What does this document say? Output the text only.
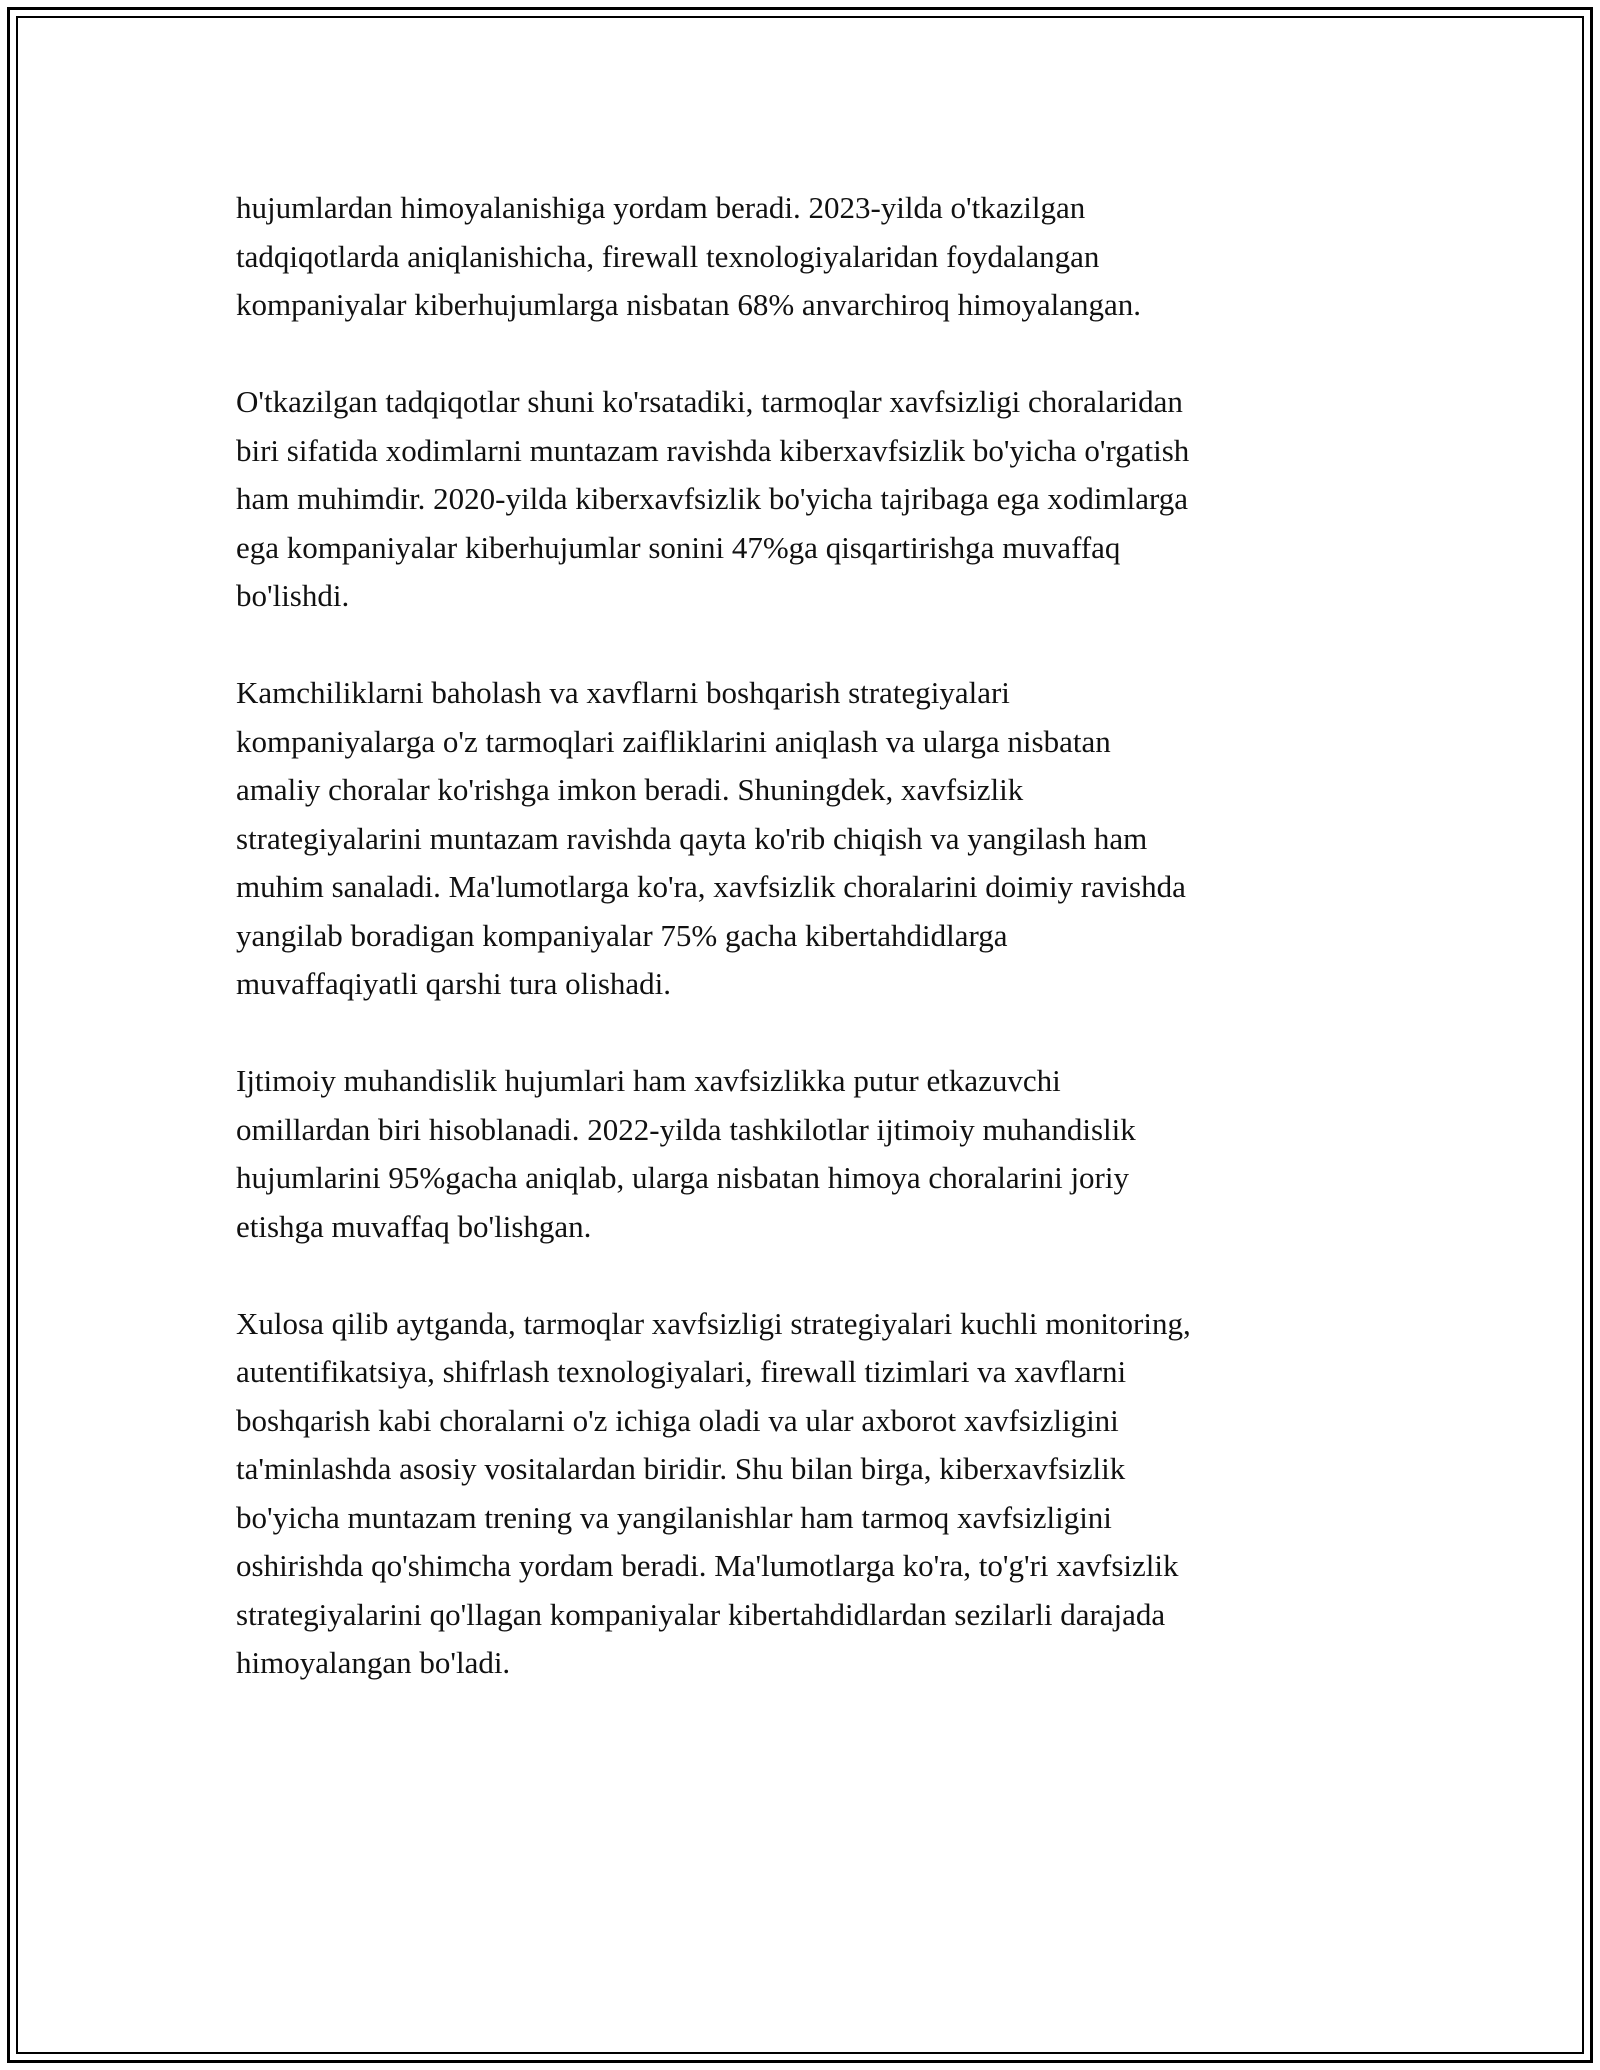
hujumlardan himoyalanishiga yordam beradi. 2023-yilda o'tkazilgan
tadqiqotlarda aniqlanishicha, firewall texnologiyalaridan foydalangan
kompaniyalar kiberhujumlarga nisbatan 68% anvarchiroq himoyalangan.

O'tkazilgan tadqiqotlar shuni ko'rsatadiki, tarmoqlar xavfsizligi choralaridan
biri sifatida xodimlarni muntazam ravishda kiberxavfsizlik bo'yicha o'rgatish
ham muhimdir. 2020-yilda kiberxavfsizlik bo'yicha tajribaga ega xodimlarga
ega kompaniyalar kiberhujumlar sonini 47%ga qisqartirishga muvaffaq
bo'lishdi.

Kamchiliklarni baholash va xavflarni boshqarish strategiyalari
kompaniyalarga o'z tarmoqlari zaifliklarini aniqlash va ularga nisbatan
amaliy choralar ko'rishga imkon beradi. Shuningdek, xavfsizlik
strategiyalarini muntazam ravishda qayta ko'rib chiqish va yangilash ham
muhim sanaladi. Ma'lumotlarga ko'ra, xavfsizlik choralarini doimiy ravishda
yangilab boradigan kompaniyalar 75% gacha kibertahdidlarga
muvaffaqiyatli qarshi tura olishadi.

Ijtimoiy muhandislik hujumlari ham xavfsizlikka putur etkazuvchi
omillardan biri hisoblanadi. 2022-yilda tashkilotlar ijtimoiy muhandislik
hujumlarini 95%gacha aniqlab, ularga nisbatan himoya choralarini joriy
etishga muvaffaq bo'lishgan.

Xulosa qilib aytganda, tarmoqlar xavfsizligi strategiyalari kuchli monitoring,
autentifikatsiya, shifrlash texnologiyalari, firewall tizimlari va xavflarni
boshqarish kabi choralarni o'z ichiga oladi va ular axborot xavfsizligini
ta'minlashda asosiy vositalardan biridir. Shu bilan birga, kiberxavfsizlik
bo'yicha muntazam trening va yangilanishlar ham tarmoq xavfsizligini
oshirishda qo'shimcha yordam beradi. Ma'lumotlarga ko'ra, to'g'ri xavfsizlik
strategiyalarini qo'llagan kompaniyalar kibertahdidlardan sezilarli darajada
himoyalangan bo'ladi.
